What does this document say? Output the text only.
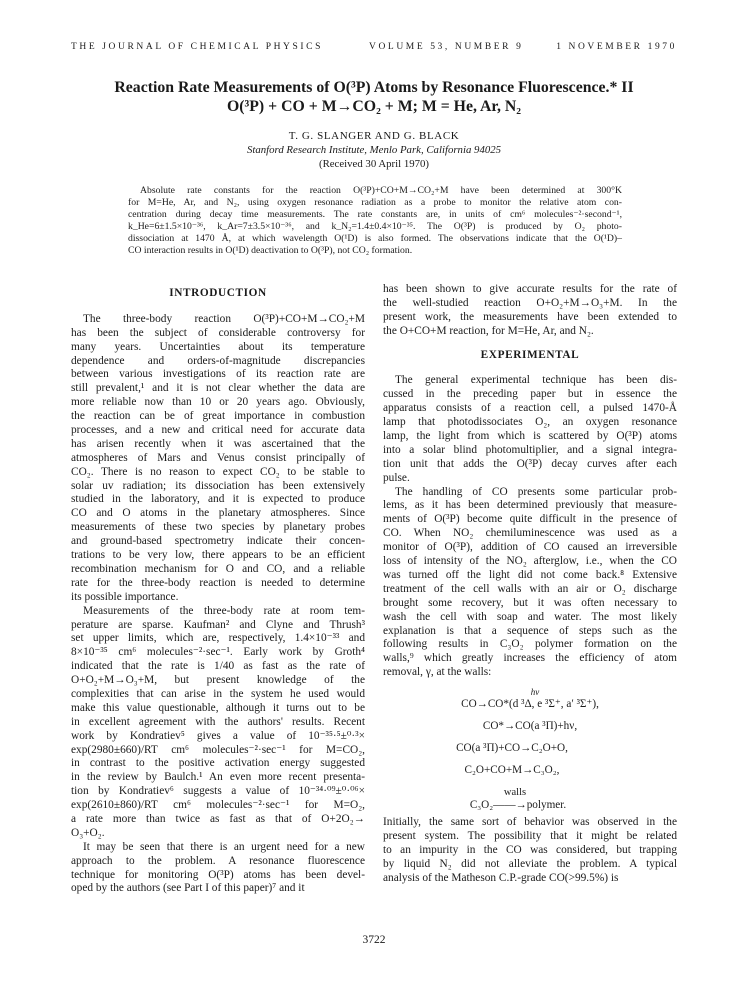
THE JOURNAL OF CHEMICAL PHYSICS	VOLUME 53, NUMBER 9	1 NOVEMBER 1970
Reaction Rate Measurements of O(³P) Atoms by Resonance Fluorescence.* II
O(³P) + CO + M→CO₂ + M; M = He, Ar, N₂
T. G. SLANGER AND G. BLACK
Stanford Research Institute, Menlo Park, California 94025
(Received 30 April 1970)
Absolute rate constants for the reaction O(³P)+CO+M→CO₂+M have been determined at 300°K
for M=He, Ar, and N₂, using oxygen resonance radiation as a probe to monitor the relative atom con-
centration during decay time measurements. The rate constants are, in units of cm⁶ molecules⁻²·second⁻¹,
k_He=6±1.5×10⁻³⁶, k_Ar=7±3.5×10⁻³⁶, and k_N₂=1.4±0.4×10⁻³⁵. The O(³P) is produced by O₂ photo-
dissociation at 1470 Å, at which wavelength O(¹D) is also formed. The observations indicate that the O(¹D)–
CO interaction results in O(¹D) deactivation to O(³P), not CO₂ formation.
INTRODUCTION
The three-body reaction O(³P)+CO+M→CO₂+M
has been the subject of considerable controversy for
many years. Uncertainties about its temperature
dependence and orders-of-magnitude discrepancies
between various investigations of its reaction rate are
still prevalent,¹ and it is not clear whether the data are
more reliable now than 10 or 20 years ago. Obviously,
the reaction can be of great importance in combustion
processes, and a new and critical need for accurate data
has arisen recently when it was ascertained that the
atmospheres of Mars and Venus consist principally of
CO₂. There is no reason to expect CO₂ to be stable to
solar uv radiation; its dissociation has been extensively
studied in the laboratory, and it is expected to produce
CO and O atoms in the planetary atmospheres. Since
measurements of these two species by planetary probes
and ground-based spectrometry indicate their concen-
trations to be very low, there appears to be an efficient
recombination mechanism for O and CO, and a reliable
rate for the three-body reaction is needed to determine
its possible importance.
Measurements of the three-body rate at room tem-
perature are sparse. Kaufman² and Clyne and Thrush³
set upper limits, which are, respectively, 1.4×10⁻³³ and
8×10⁻³⁵ cm⁶ molecules⁻²·sec⁻¹. Early work by Groth⁴
indicated that the rate is 1/40 as fast as the rate of
O+O₂+M→O₃+M, but present knowledge of the
complexities that can arise in the system he used would
make this value questionable, although it turns out to be
in excellent agreement with the authors' results. Recent
work by Kondratiev⁵ gives a value of 10⁻³⁵·⁵±⁰·³×
exp(2980±660)/RT cm⁶ molecules⁻²·sec⁻¹ for M=CO₂,
in contrast to the positive activation energy suggested
in the review by Baulch.¹ An even more recent presenta-
tion by Kondratiev⁶ suggests a value of 10⁻³⁴·⁰⁹±⁰·⁰⁶×
exp(2610±860)/RT cm⁶ molecules⁻²·sec⁻¹ for M=O₂,
a rate more than twice as fast as that of O+2O₂→
O₃+O₂.
It may be seen that there is an urgent need for a new
approach to the problem. A resonance fluorescence
technique for monitoring O(³P) atoms has been devel-
oped by the authors (see Part I of this paper)⁷ and it
has been shown to give accurate results for the rate of
the well-studied reaction O+O₂+M→O₃+M. In the
present work, the measurements have been extended to
the O+CO+M reaction, for M=He, Ar, and N₂.
EXPERIMENTAL
The general experimental technique has been dis-
cussed in the preceding paper but in essence the
apparatus consists of a reaction cell, a pulsed 1470-Å
lamp that photodissociates O₂, an oxygen resonance
lamp, the light from which is scattered by O(³P) atoms
into a solar blind photomultiplier, and a signal integra-
tion unit that adds the O(³P) decay curves after each
pulse.
The handling of CO presents some particular prob-
lems, as it has been determined previously that measure-
ments of O(³P) become quite difficult in the presence of
CO. When NO₂ chemiluminescence was used as a
monitor of O(³P), addition of CO caused an irreversible
loss of intensity of the NO₂ afterglow, i.e., when the CO
was turned off the light did not come back.⁸ Extensive
treatment of the cell walls with an air or O₂ discharge
brought some recovery, but it was often necessary to
wash the cell with soap and water. The most likely
explanation is that a sequence of steps such as the
following results in C₃O₂ polymer formation on the
walls,⁹ which greatly increases the efficiency of atom
removal, γ, at the walls:
hν
CO→CO*(d ³Δ, e ³Σ⁺, a′ ³Σ⁺),
CO*→CO(a ³Π)+hν,
CO(a ³Π)+CO→C₂O+O,
C₂O+CO+M→C₃O₂,
walls
C₃O₂——→polymer.
Initially, the same sort of behavior was observed in the
present system. The possibility that it might be related
to an impurity in the CO was considered, but trapping
by liquid N₂ did not alleviate the problem. A typical
analysis of the Matheson C.P.-grade CO(>99.5%) is
3722
